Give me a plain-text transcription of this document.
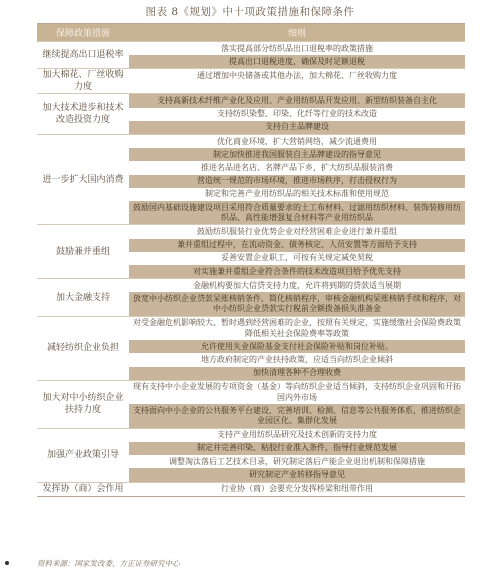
图表 8《规划》中十项政策措施和保障条件
保障政策措施	细则
继续提高出口退税率
落实提高部分纺织品出口退税率的政策措施
提高出口退税进度，确保及时足额退税
加大棉花、厂丝收购力度
通过增加中央储备或其他办法，加大棉花、厂丝收购力度
加大技术进步和技术改造投资力度
支持高新技术纤维产业化及应用、产业用纺织品开发应用、新型纺织装备自主化
支持纺织染整、印染、化纤等行业的技术改造
支持自主品牌建设
进一步扩大国内消费
优化商业环境，扩大营销网络，减少流通费用
制定加快推进我国服装自主品牌建设的指导意见
推进名品进名店、名牌产品下乡，扩大纺织品服装消费
营造统一规范的市场环境，推进市场秩序，打击侵权行为
制定和完善产业用纺织品的相关技术标准和使用规范
鼓励国内基础设施建设项目采用符合质量要求的土工布材料、过滤用纺织材料、装饰装修用纺织品、高性能增强复合材料等产业用纺织品
鼓励兼并重组
鼓励纺织服装行业优势企业对经营困难企业进行兼并重组
兼并重组过程中，在流动资金、债务核定、人员安置等方面给予支持
妥善安置企业职工，可按有关规定减免契税
对实施兼并重组企业符合条件的技术改造项目给予优先支持
加大金融支持
金融机构要加大信贷支持力度，允许将到期的贷款适当展期
放宽中小纺织企业贷款呆账核销条件，简化核销程序，审核金融机构呆账核销手续和程序，对中小纺织企业贷款实行税前全额拨备损失准备金
减轻纺织企业负担
对受金融危机影响较大、暂时遇到经营困难的企业，按照有关规定，实施缓缴社会保险费政策降低相关社会保险费率等政策
允许使用失业保险基金支付社会保险补贴和岗位补贴。
地方政府制定的产业扶持政策，应适当向纺织企业倾斜
加快清理各种不合理收费
加大对中小纺织企业扶持力度
现有支持中小企业发展的专项资金（基金）等向纺织企业适当倾斜，支持纺织企业巩固和开拓国内外市场
支持面向中小企业的公共服务平台建设，完善培训、检测、信息等公共服务体系，推进纺织企业园区化、集群化发展
加强产业政策引导
支持产业用纺织品研究及技术创新的支持力度
制定并完善印染、粘胶行业准入条件，指导行业规范发展
调整淘汰落后工艺技术目录，研究制定落后产能企业退出机制和保障措施
研究制定产业转移指导意见
发挥协（商）会作用	行业协（商）会要充分发挥桥梁和纽带作用
资料来源：国家发改委，方正证券研究中心
